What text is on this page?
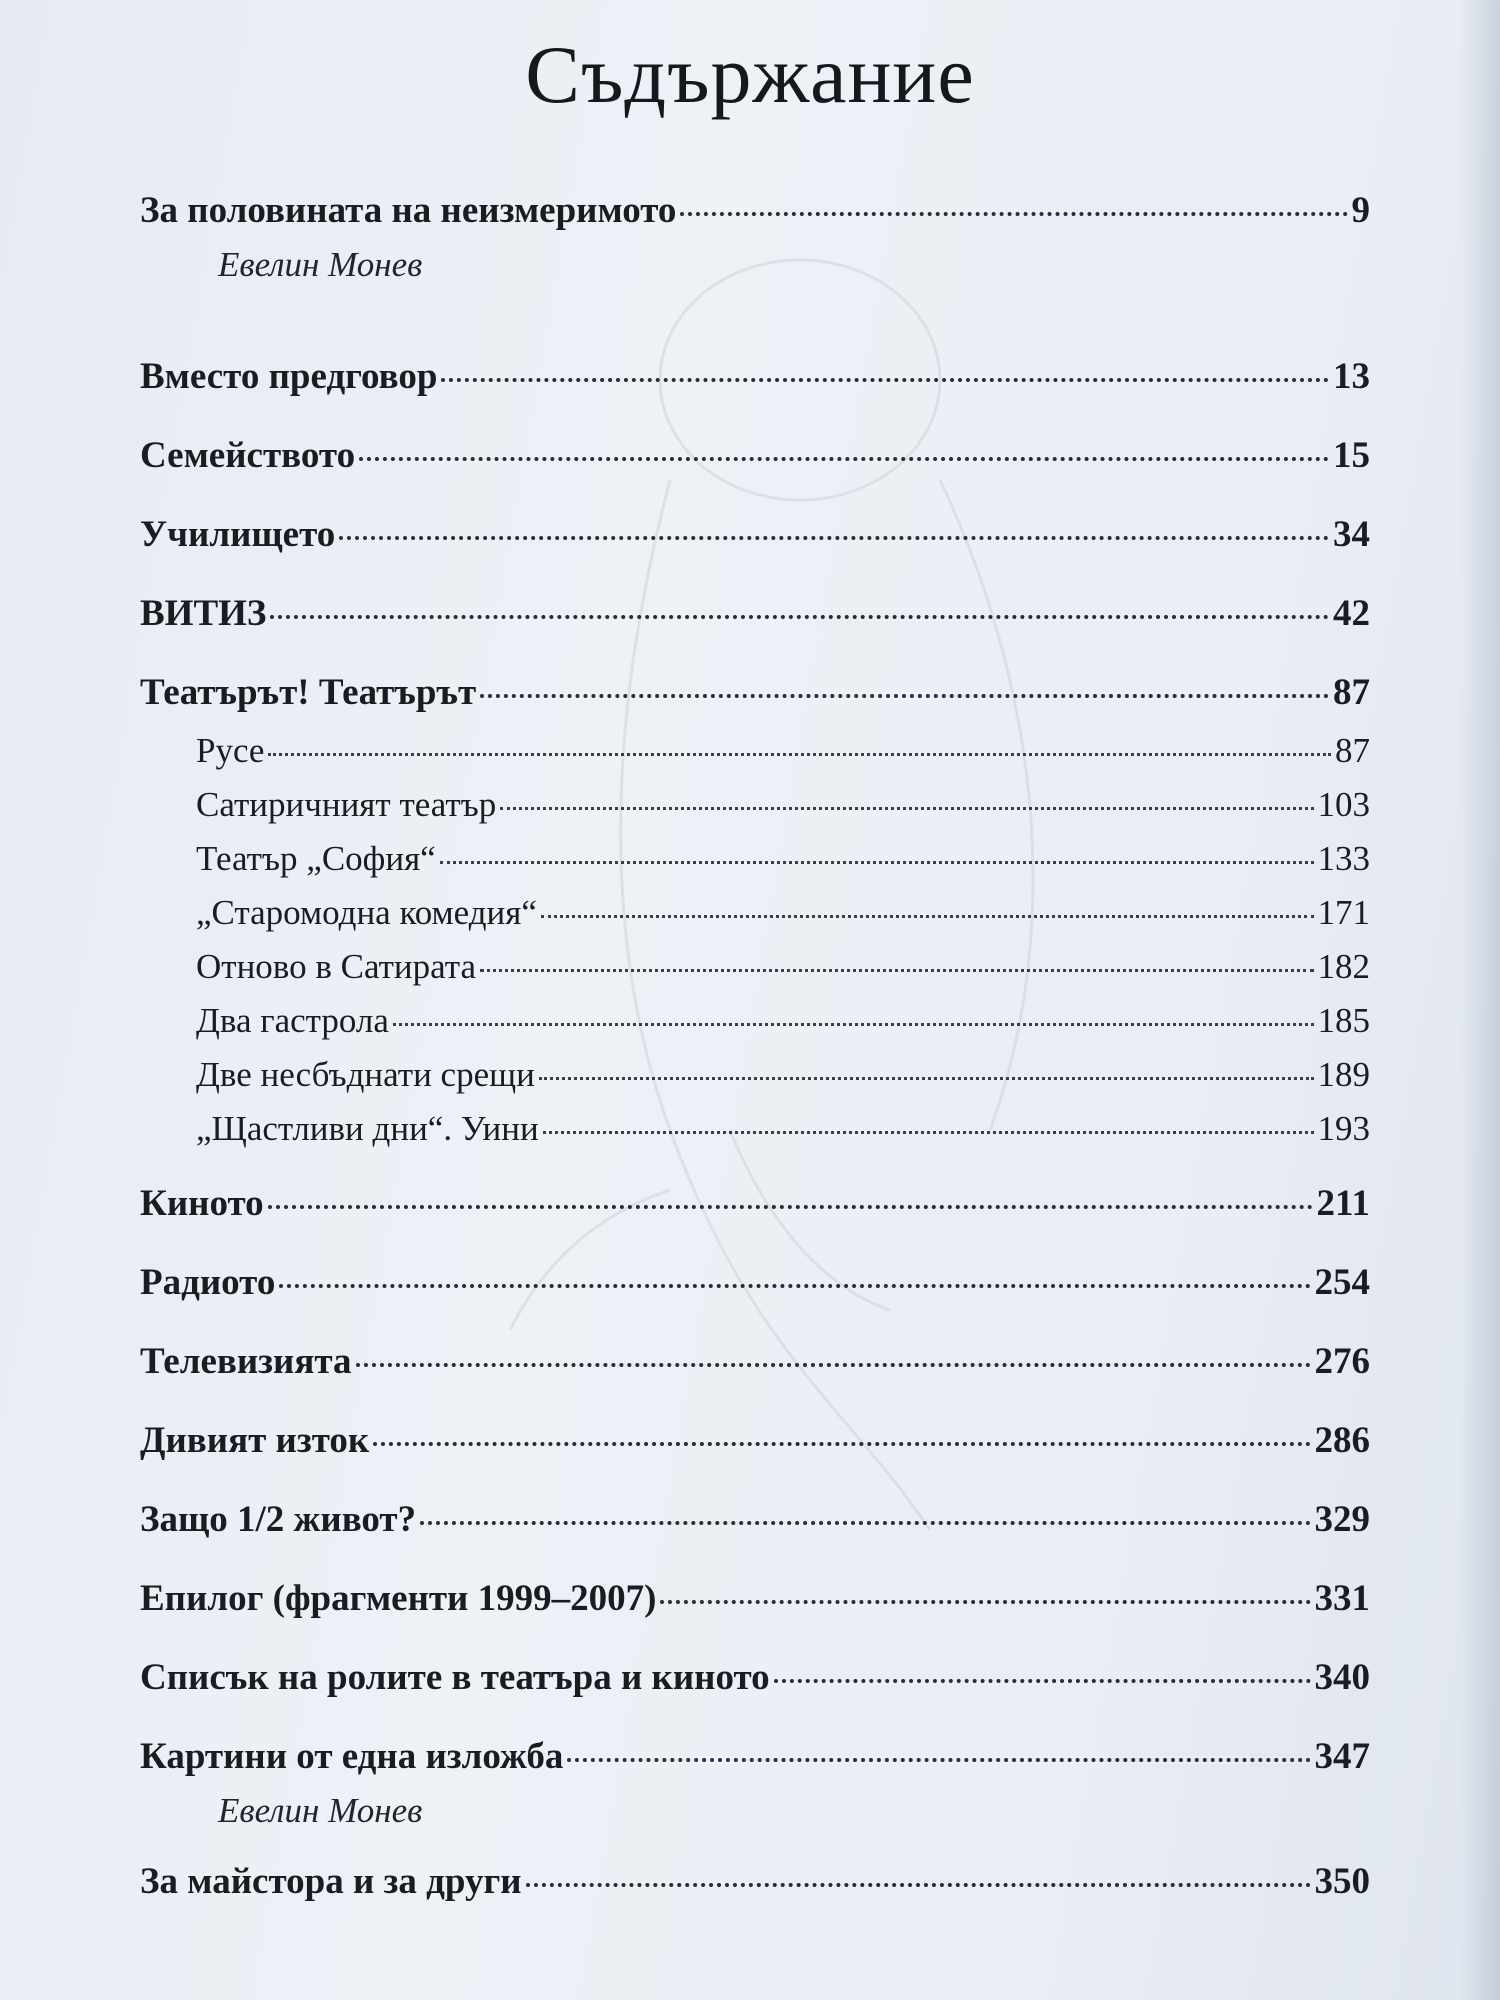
Съдържание
За половината на неизмеримото	9
Евелин Монев
Вместо предговор	13
Семейството	15
Училището	34
ВИТИЗ	42
Театърът! Театърът	87
Русе	87
Сатиричният театър	103
Театър „София“	133
„Старомодна комедия“	171
Отново в Сатирата	182
Два гастрола	185
Две несбъднати срещи	189
„Щастливи дни“. Уини	193
Киното	211
Радиото	254
Телевизията	276
Дивият изток	286
Защо 1/2 живот?	329
Епилог (фрагменти 1999–2007)	331
Списък на ролите в театъра и киното	340
Картини от една изложба	347
Евелин Монев
За майстора и за други	350
